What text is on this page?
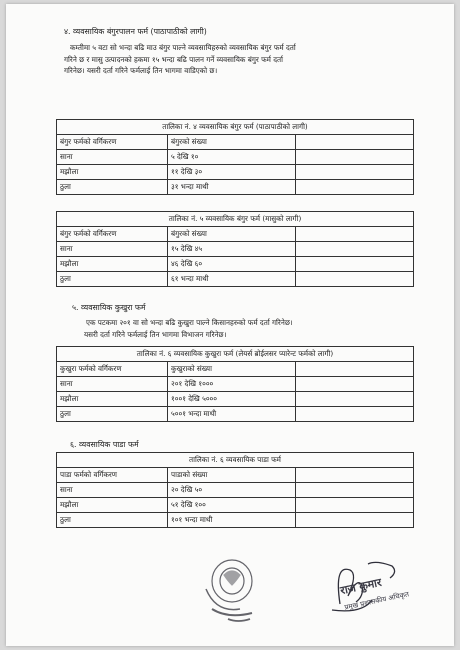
४. व्यवसायिक बंगुरपालन फर्म (पाठापाठीको लागी)
कम्तीमा ५ वटा सो भन्दा बढि माउ बंगुर पाल्ने व्यवसायिहरुको व्यवसायिक बंगुर फर्म दर्ता
गरिने छ र मासु उत्पादनको हकमा १५ भन्दा बढि पालन गर्ने व्यवसायिक बंगुर फर्म दर्ता
गरिनेछ। यसरी दर्ता गरिने फर्मलाई तिन भागमा वाडिएको छ।
तालिका नं. ४ व्यवसायिक बंगुर फर्म (पाठापाठीको लागी)		
बंगुर फर्मको वर्गिकरण	बंगुरको संख्या	
साना	५ देखि १०	
मझौला	११ देखि ३०	
ठुला	३१ भन्दा माथी	
तालिका नं. ५ व्यवसायिक बंगुर फर्म (मासुको लागी)		
बंगुर फर्मको वर्गिकरण	बंगुरको संख्या	
साना	१५ देखि ४५	
मझौला	४६ देखि ६०	
ठुला	६१ भन्दा माथी	
५. व्यवसायिक कुखुरा फर्म
एक पटकमा २०१ वा सो भन्दा बढि कुखुरा पाल्ने किसानहरुको फर्म दर्ता गरिनेछ।
यसरी दर्ता गरिने फर्मलाई तिन भागमा विभाजन गरिनेछ।
तालिका नं. ६ व्यवसायिक कुखुरा फर्म (लेयर्स ब्रोईलसर प्यारेन्ट फर्मको लागी)		
कुखुरा फर्मको वर्गिकरण	कुखुराको संख्या	
साना	२०१ देखि १०००	
मझौला	१००१ देखि ५०००	
ठुला	५००१ भन्दा माथी	
६. व्यवसायिक पाडा फर्म
तालिका नं. ६ व्यवसायिक पाडा फर्म		
पाडा फर्मको वर्गिकरण	पाडाको संख्या	
साना	२० देखि ५०	
मझौला	५१ देखि १००	
ठुला	१०१ भन्दा माथी	
राज कुमार
प्रमुख प्रशासकीय अधिकृत
